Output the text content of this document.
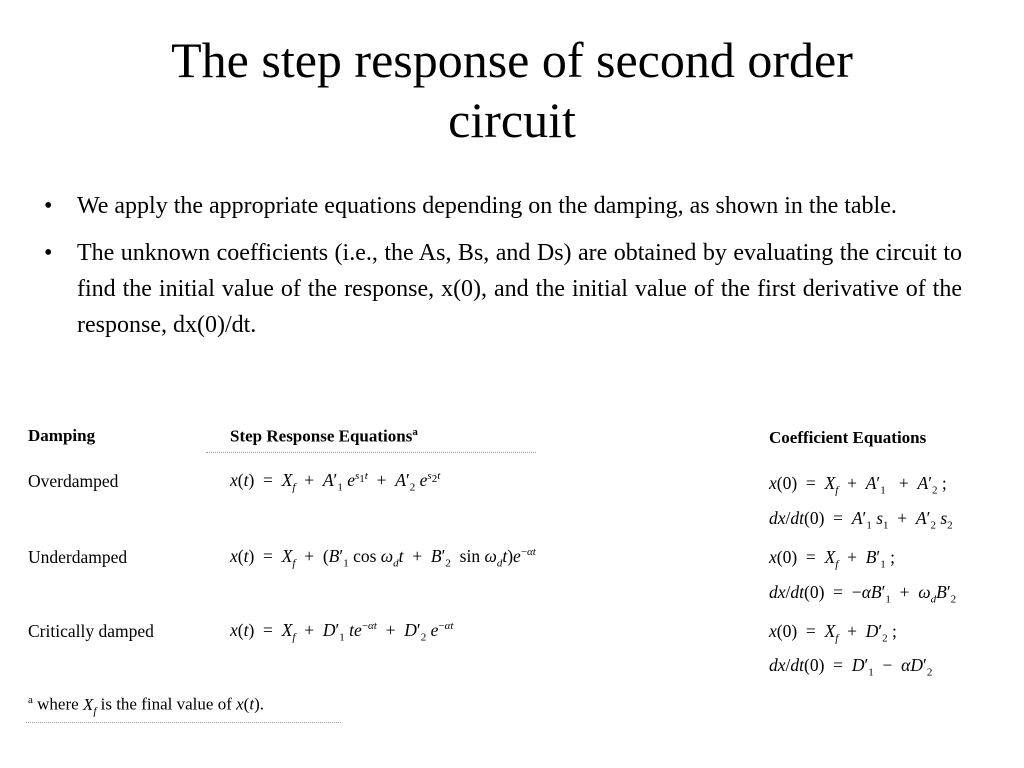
The step response of second order
circuit
• We apply the appropriate equations depending on the damping, as shown in the table.
• The unknown coefficients (i.e., the As, Bs, and Ds) are obtained by evaluating the circuit to find the initial value of the response, x(0), and the initial value of the first derivative of the response, dx(0)/dt.
Damping	Step Response Equations$^a$	Coefficient Equations
Overdamped	$x(t) = X_f + A'_1$ $e^{s_1t} + A'_2$ $e^{s_2t}$	$x(0) = X_f + A'_1 + A'_2$ ;
$dx/dt(0) = A'_1$ $s_1 + A'_2$ $s_2$
Underdamped	$x(t) = X_f + (B'_1$ $\cos \omega_dt + B'_2$  $\sin \omega_dt)e^{-\alpha t}$	$x(0) = X_f + B'_1$ ;
$dx/dt(0) = -\alpha B'_1 + \omega_dB'_2$
Critically damped	$x(t) = X_f + D'_1$ $te^{-\alpha t} + D'_2$ $e^{-\alpha t}$	$x(0) = X_f + D'_2$ ;
$dx/dt(0) = D'_1 - \alpha D'_2$
$^a$ where $X_f$ is the final value of x(t).
